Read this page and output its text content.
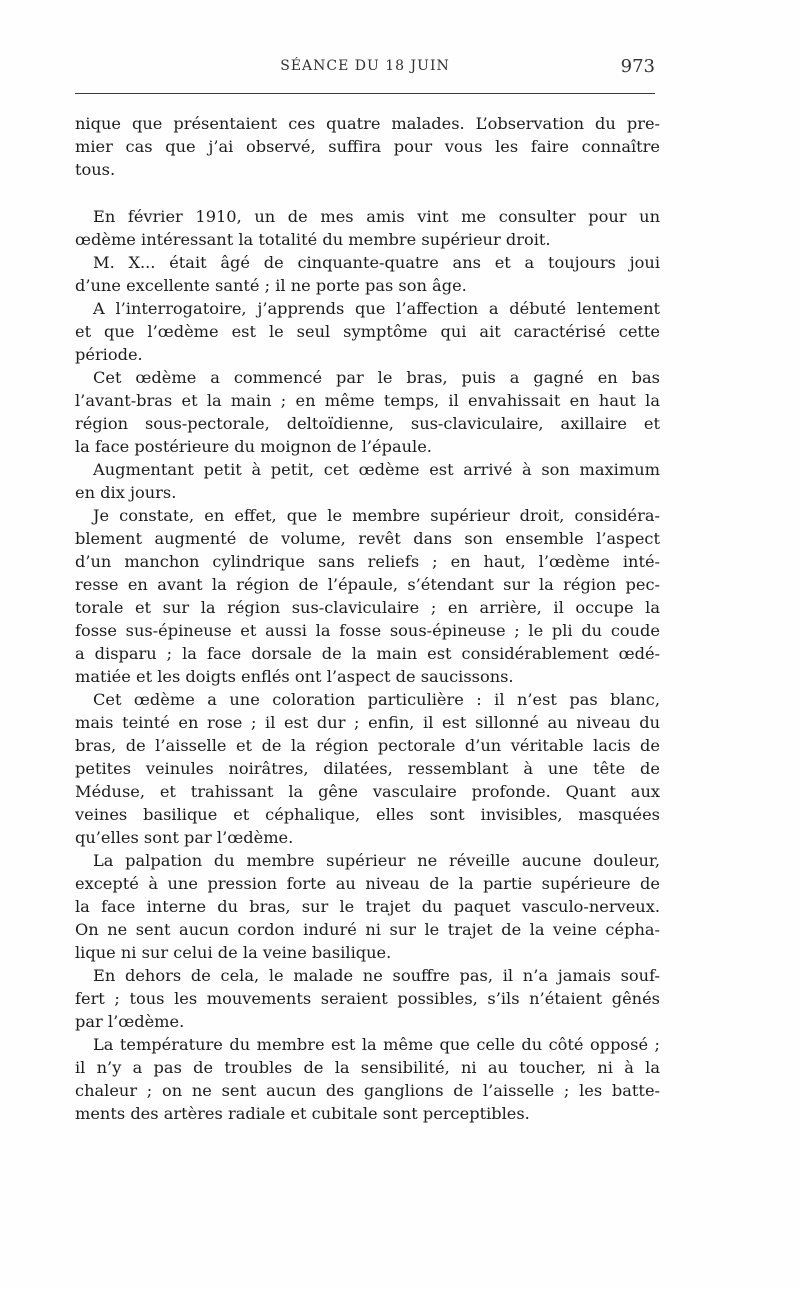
SÉANCE DU 18 JUIN	973
nique que présentaient ces quatre malades. L’observation du pre-
mier cas que j’ai observé, suffira pour vous les faire connaître
tous.
En février 1910, un de mes amis vint me consulter pour un
œdème intéressant la totalité du membre supérieur droit.
M. X... était âgé de cinquante-quatre ans et a toujours joui
d’une excellente santé ; il ne porte pas son âge.
A l’interrogatoire, j’apprends que l’affection a débuté lentement
et que l’œdème est le seul symptôme qui ait caractérisé cette
période.
Cet œdème a commencé par le bras, puis a gagné en bas
l’avant-bras et la main ; en même temps, il envahissait en haut la
région sous-pectorale, deltoïdienne, sus-claviculaire, axillaire et
la face postérieure du moignon de l’épaule.
Augmentant petit à petit, cet œdème est arrivé à son maximum
en dix jours.
Je constate, en effet, que le membre supérieur droit, considéra-
blement augmenté de volume, revêt dans son ensemble l’aspect
d’un manchon cylindrique sans reliefs ; en haut, l’œdème inté-
resse en avant la région de l’épaule, s’étendant sur la région pec-
torale et sur la région sus-claviculaire ; en arrière, il occupe la
fosse sus-épineuse et aussi la fosse sous-épineuse ; le pli du coude
a disparu ; la face dorsale de la main est considérablement œdé-
matiée et les doigts enflés ont l’aspect de saucissons.
Cet œdème a une coloration particulière : il n’est pas blanc,
mais teinté en rose ; il est dur ; enfin, il est sillonné au niveau du
bras, de l’aisselle et de la région pectorale d’un véritable lacis de
petites veinules noirâtres, dilatées, ressemblant à une tête de
Méduse, et trahissant la gêne vasculaire profonde. Quant aux
veines basilique et céphalique, elles sont invisibles, masquées
qu’elles sont par l’œdème.
La palpation du membre supérieur ne réveille aucune douleur,
excepté à une pression forte au niveau de la partie supérieure de
la face interne du bras, sur le trajet du paquet vasculo-nerveux.
On ne sent aucun cordon induré ni sur le trajet de la veine cépha-
lique ni sur celui de la veine basilique.
En dehors de cela, le malade ne souffre pas, il n’a jamais souf-
fert ; tous les mouvements seraient possibles, s’ils n’étaient gênés
par l’œdème.
La température du membre est la même que celle du côté opposé ;
il n’y a pas de troubles de la sensibilité, ni au toucher, ni à la
chaleur ; on ne sent aucun des ganglions de l’aisselle ; les batte-
ments des artères radiale et cubitale sont perceptibles.
